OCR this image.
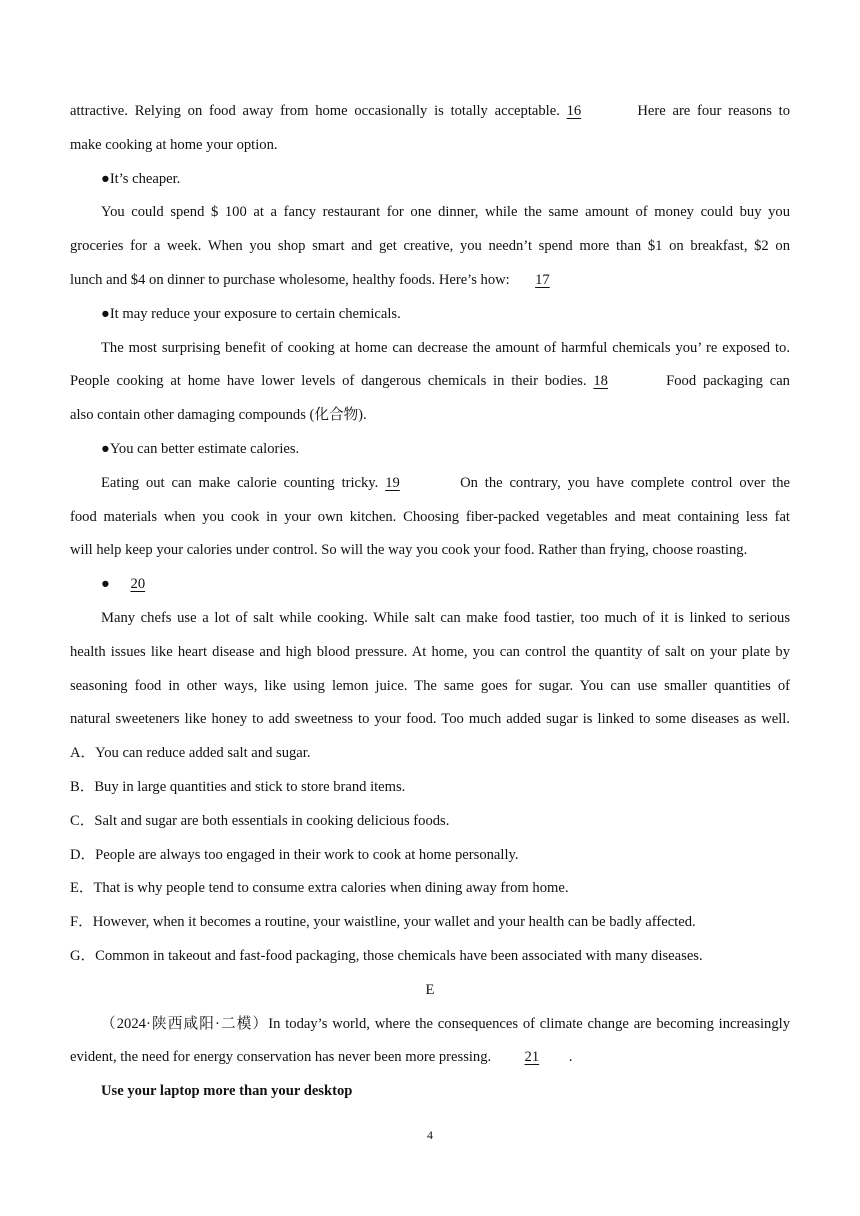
attractive. Relying on food away from home occasionally is totally acceptable. 16	Here are four reasons to
make cooking at home your option.
●It’s cheaper.
You could spend $ 100 at a fancy restaurant for one dinner, while the same amount of money could buy you
groceries for a week. When you shop smart and get creative, you needn’t spend more than $1 on breakfast, $2 on
lunch and $4 on dinner to purchase wholesome, healthy foods. Here’s how: 17
●It may reduce your exposure to certain chemicals.
The most surprising benefit of cooking at home can decrease the amount of harmful chemicals you’ re exposed to.
People cooking at home have lower levels of dangerous chemicals in their bodies. 18	Food packaging can
also contain other damaging compounds (化合物).
●You can better estimate calories.
Eating out can make calorie counting tricky. 19	On the contrary, you have complete control over the
food materials when you cook in your own kitchen. Choosing fiber-packed vegetables and meat containing less fat
will help keep your calories under control. So will the way you cook your food. Rather than frying, choose roasting.
● 20
Many chefs use a lot of salt while cooking. While salt can make food tastier, too much of it is linked to serious
health issues like heart disease and high blood pressure. At home, you can control the quantity of salt on your plate by
seasoning food in other ways, like using lemon juice. The same goes for sugar. You can use smaller quantities of
natural sweeteners like honey to add sweetness to your food. Too much added sugar is linked to some diseases as well.
A．You can reduce added salt and sugar.
B．Buy in large quantities and stick to store brand items.
C．Salt and sugar are both essentials in cooking delicious foods.
D．People are always too engaged in their work to cook at home personally.
E．That is why people tend to consume extra calories when dining away from home.
F．However, when it becomes a routine, your waistline, your wallet and your health can be badly affected.
G．Common in takeout and fast-food packaging, those chemicals have been associated with many diseases.
E
（2024·陕西咸阳·二模）In today’s world, where the consequences of climate change are becoming increasingly
evident, the need for energy conservation has never been more pressing. 21 .
Use your laptop more than your desktop
4
